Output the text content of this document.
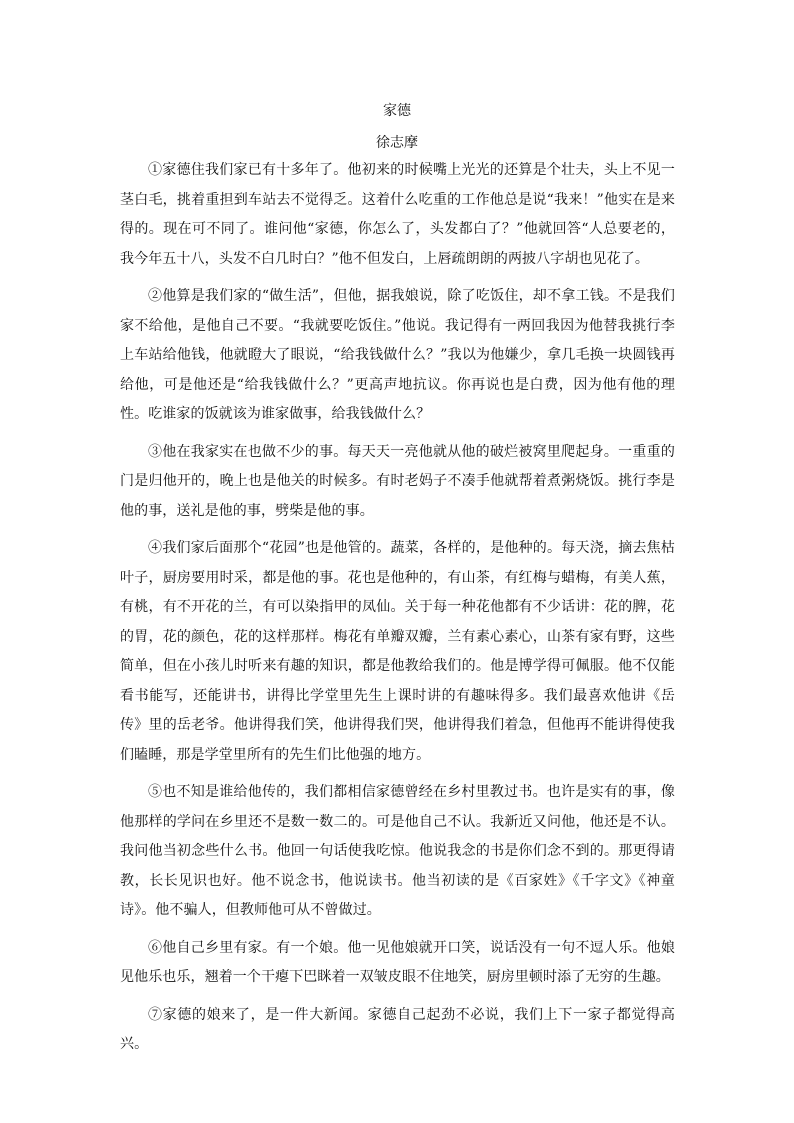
家德
徐志摩

①家德住我们家已有十多年了。他初来的时候嘴上光光的还算是个壮夫，头上不见一茎白毛，挑着重担到车站去不觉得乏。这着什么吃重的工作他总是说“我来！”他实在是来得的。现在可不同了。谁问他“家德，你怎么了，头发都白了？”他就回答“人总要老的，我今年五十八，头发不白几时白？”他不但发白，上唇疏朗朗的两披八字胡也见花了。

②他算是我们家的“做生活”，但他，据我娘说，除了吃饭住，却不拿工钱。不是我们家不给他，是他自己不要。“我就要吃饭住。”他说。我记得有一两回我因为他替我挑行李上车站给他钱，他就瞪大了眼说，“给我钱做什么？”我以为他嫌少，拿几毛换一块圆钱再给他，可是他还是“给我钱做什么？”更高声地抗议。你再说也是白费，因为他有他的理性。吃谁家的饭就该为谁家做事，给我钱做什么？

③他在我家实在也做不少的事。每天天一亮他就从他的破烂被窝里爬起身。一重重的门是归他开的，晚上也是他关的时候多。有时老妈子不凑手他就帮着煮粥烧饭。挑行李是他的事，送礼是他的事，劈柴是他的事。

④我们家后面那个“花园”也是他管的。蔬菜，各样的，是他种的。每天浇，摘去焦枯叶子，厨房要用时采，都是他的事。花也是他种的，有山茶，有红梅与蜡梅，有美人蕉，有桃，有不开花的兰，有可以染指甲的凤仙。关于每一种花他都有不少话讲：花的脾，花的胃，花的颜色，花的这样那样。梅花有单瓣双瓣，兰有素心素心，山茶有家有野，这些简单，但在小孩儿时听来有趣的知识，都是他教给我们的。他是博学得可佩服。他不仅能看书能写，还能讲书，讲得比学堂里先生上课时讲的有趣味得多。我们最喜欢他讲《岳传》里的岳老爷。他讲得我们笑，他讲得我们哭，他讲得我们着急，但他再不能讲得使我们瞌睡，那是学堂里所有的先生们比他强的地方。

⑤也不知是谁给他传的，我们都相信家德曾经在乡村里教过书。也许是实有的事，像他那样的学问在乡里还不是数一数二的。可是他自己不认。我新近又问他，他还是不认。我问他当初念些什么书。他回一句话使我吃惊。他说我念的书是你们念不到的。那更得请教，长长见识也好。他不说念书，他说读书。他当初读的是《百家姓》《千字文》《神童诗》。他不骗人，但教师他可从不曾做过。

⑥他自己乡里有家。有一个娘。他一见他娘就开口笑，说话没有一句不逗人乐。他娘见他乐也乐，翘着一个干瘪下巴眯着一双皱皮眼不住地笑，厨房里顿时添了无穷的生趣。

⑦家德的娘来了，是一件大新闻。家德自己起劲不必说，我们上下一家子都觉得高兴。
